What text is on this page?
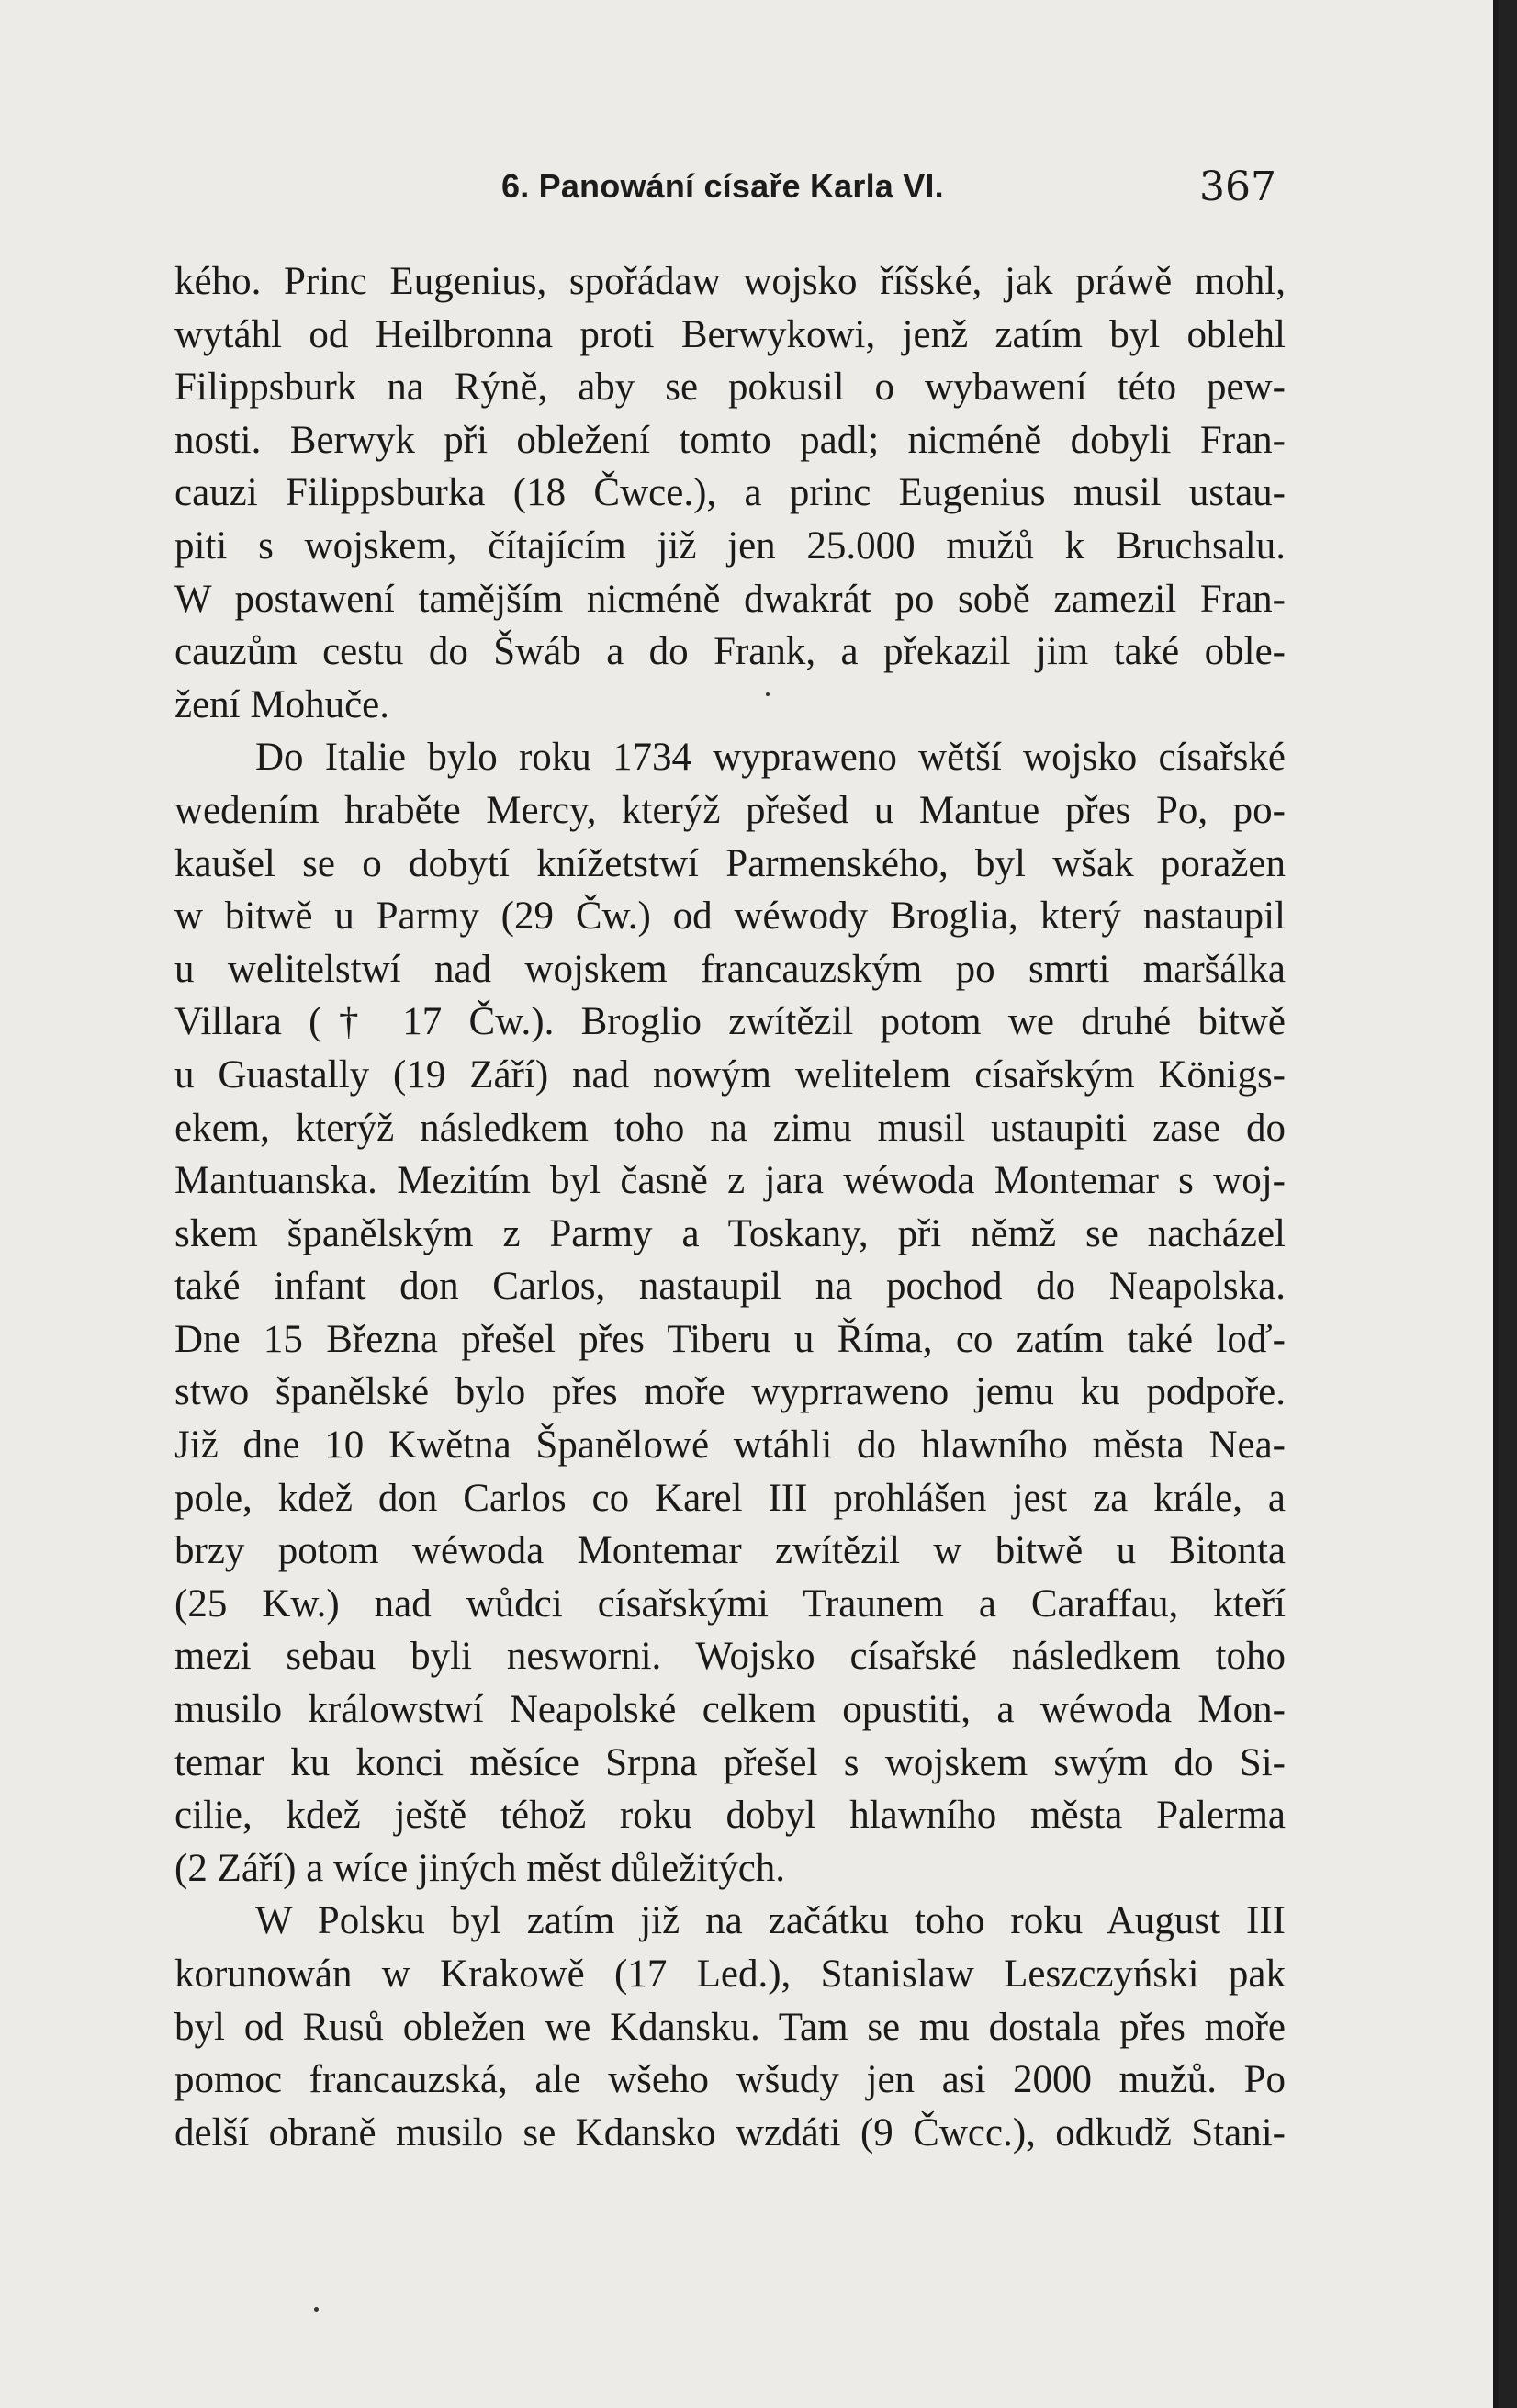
6. Panowání císaře Karla VI.	367
kého. Princ Eugenius, spořádaw wojsko říšské, jak práwě mohl,
wytáhl od Heilbronna proti Berwykowi, jenž zatím byl oblehl
Filippsburk na Rýně, aby se pokusil o wybawení této pew-
nosti. Berwyk při obležení tomto padl; nicméně dobyli Fran-
cauzi Filippsburka (18 Čwce.), a princ Eugenius musil ustau-
piti s wojskem, čítajícím již jen 25.000 mužů k Bruchsalu.
W postawení tamějším nicméně dwakrát po sobě zamezil Fran-
cauzům cestu do Šwáb a do Frank, a překazil jim také oble-
žení Mohuče.
Do Italie bylo roku 1734 wypraweno wětší wojsko císařské
wedením hraběte Mercy, kterýž přešed u Mantue přes Po, po-
kaušel se o dobytí knížetstwí Parmenského, byl wšak poražen
w bitwě u Parmy (29 Čw.) od wéwody Broglia, který nastaupil
u welitelstwí nad wojskem francauzským po smrti maršálka
Villara († 17 Čw.). Broglio zwítězil potom we druhé bitwě
u Guastally (19 Září) nad nowým welitelem císařským Königs-
ekem, kterýž následkem toho na zimu musil ustaupiti zase do
Mantuanska. Mezitím byl časně z jara wéwoda Montemar s woj-
skem španělským z Parmy a Toskany, při němž se nacházel
také infant don Carlos, nastaupil na pochod do Neapolska.
Dne 15 Března přešel přes Tiberu u Říma, co zatím také loď-
stwo španělské bylo přes moře wyprraweno jemu ku podpoře.
Již dne 10 Kwětna Španělowé wtáhli do hlawního města Nea-
pole, kdež don Carlos co Karel III prohlášen jest za krále, a
brzy potom wéwoda Montemar zwítězil w bitwě u Bitonta
(25 Kw.) nad wůdci císařskými Traunem a Caraffau, kteří
mezi sebau byli nesworni. Wojsko císařské následkem toho
musilo králowstwí Neapolské celkem opustiti, a wéwoda Mon-
temar ku konci měsíce Srpna přešel s wojskem swým do Si-
cilie, kdež ještě téhož roku dobyl hlawního města Palerma
(2 Září) a wíce jiných měst důležitých.
W Polsku byl zatím již na začátku toho roku August III
korunowán w Krakowě (17 Led.), Stanislaw Leszczyński pak
byl od Rusů obležen we Kdansku. Tam se mu dostala přes moře
pomoc francauzská, ale wšeho wšudy jen asi 2000 mužů. Po
delší obraně musilo se Kdansko wzdáti (9 Čwcc.), odkudž Stani-
